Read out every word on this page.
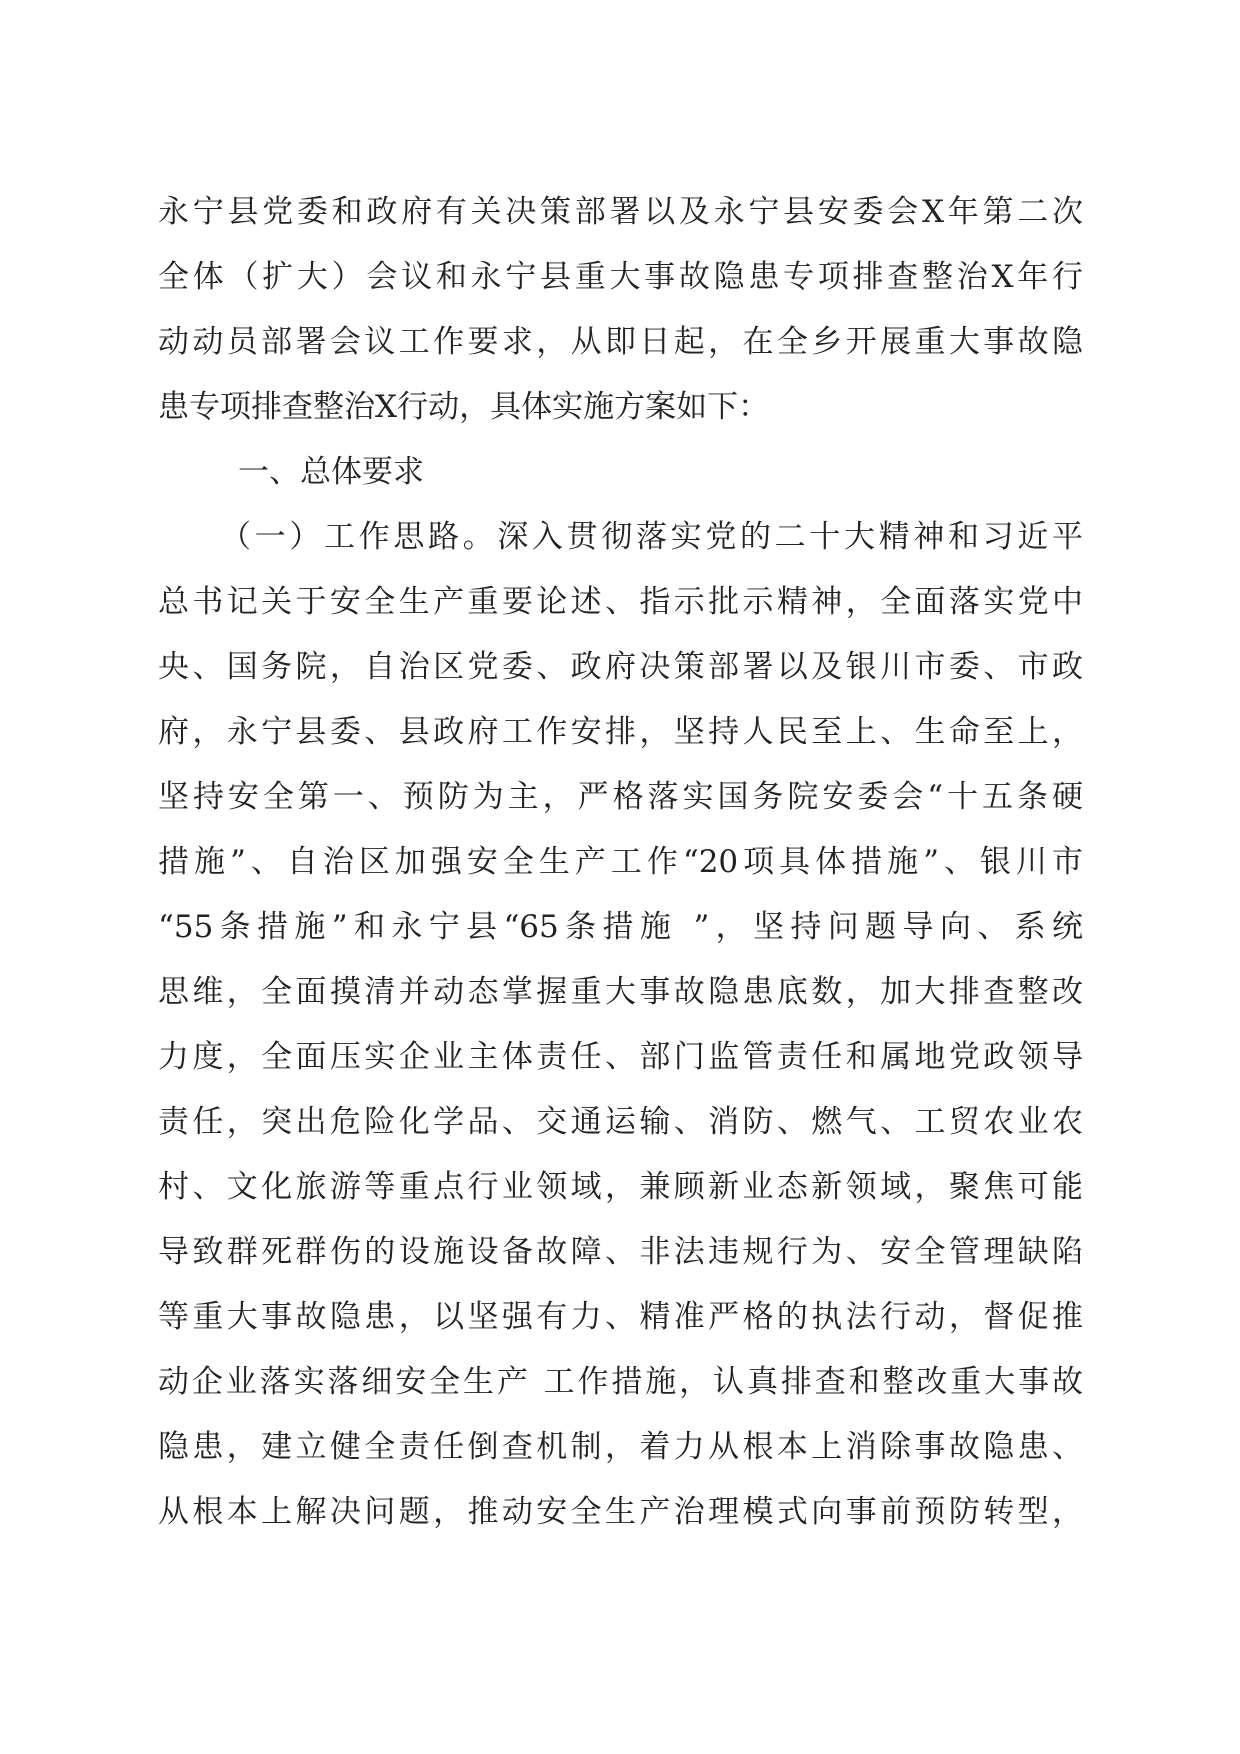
永宁县党委和政府有关决策部署以及永宁县安委会X年第二次
全体（扩大）会议和永宁县重大事故隐患专项排查整治X年行
动动员部署会议工作要求，从即日起，在全乡开展重大事故隐
患专项排查整治X行动，具体实施方案如下：
一、总体要求
（一）工作思路。深入贯彻落实党的二十大精神和习近平
总书记关于安全生产重要论述、指示批示精神，全面落实党中
央、国务院，自治区党委、政府决策部署以及银川市委、市政
府，永宁县委、县政府工作安排，坚持人民至上、生命至上，
坚持安全第一、预防为主，严格落实国务院安委会“十五条硬
措施”、自治区加强安全生产工作“20项具体措施”、银川市
“55条措施”和永宁县“65条措施 ”，坚持问题导向、系统
思维，全面摸清并动态掌握重大事故隐患底数，加大排查整改
力度，全面压实企业主体责任、部门监管责任和属地党政领导
责任，突出危险化学品、交通运输、消防、燃气、工贸农业农
村、文化旅游等重点行业领域，兼顾新业态新领域，聚焦可能
导致群死群伤的设施设备故障、非法违规行为、安全管理缺陷
等重大事故隐患，以坚强有力、精准严格的执法行动，督促推
动企业落实落细安全生产 工作措施，认真排查和整改重大事故
隐患，建立健全责任倒查机制，着力从根本上消除事故隐患、
从根本上解决问题，推动安全生产治理模式向事前预防转型，
